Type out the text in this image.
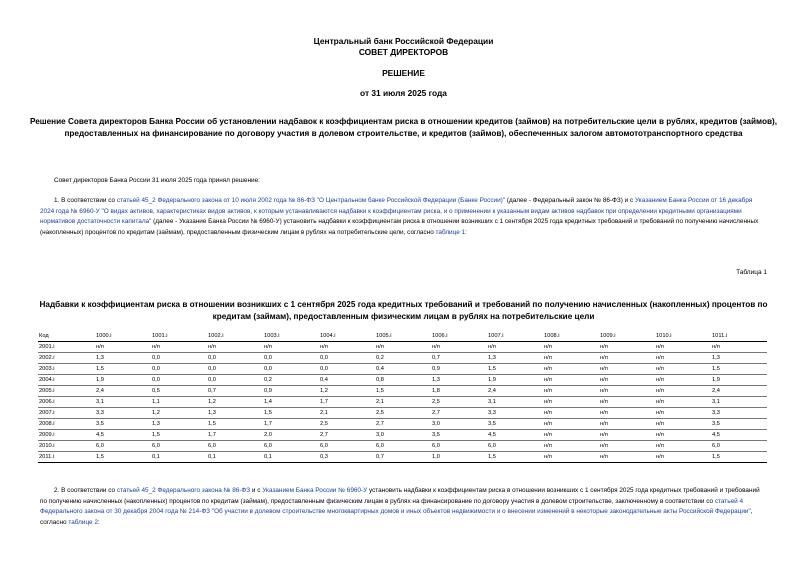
Центральный банк Российской Федерации
СОВЕТ ДИРЕКТОРОВ
РЕШЕНИЕ
от 31 июля 2025 года
Решение Совета директоров Банка России об установлении надбавок к коэффициентам риска в отношении кредитов (займов) на потребительские цели в рублях, кредитов (займов), предоставленных на финансирование по договору участия в долевом строительстве, и кредитов (займов), обеспеченных залогом автомототранспортного средства
Совет директоров Банка России 31 июля 2025 года принял решение:
1. В соответствии со статьей 45_2 Федерального закона от 10 июля 2002 года № 86-ФЗ "О Центральном банке Российской Федерации (Банке России)" (далее - Федеральный закон № 86-ФЗ) и с Указанием Банка России от 16 декабря 2024 года № 6960-У "О видах активов, характеристиках видов активов, к которым устанавливаются надбавки к коэффициентам риска, и о применении к указанным видам активов надбавок при определении кредитными организациями нормативов достаточности капитала" (далее - Указание Банка России № 6960-У) установить надбавки к коэффициентам риска в отношении возникших с 1 сентября 2025 года кредитных требований и требований по получению начисленных (накопленных) процентов по кредитам (займам), предоставленным физическим лицам в рублях на потребительские цели, согласно таблице 1:
Таблица 1
Надбавки к коэффициентам риска в отношении возникших с 1 сентября 2025 года кредитных требований и требований по получению начисленных (накопленных) процентов по кредитам (займам), предоставленным физическим лицам в рублях на потребительские цели
Код	1000.i	1001.i	1002.i	1003.i	1004.i	1005.i	1006.i	1007.i	1008.i	1009.i	1010.i	1011.i
2001.i	н/п	н/п	н/п	н/п	н/п	н/п	н/п	н/п	н/п	н/п	н/п	н/п
2002.i	1,3	0,0	0,0	0,0	0,0	0,2	0,7	1,3	н/п	н/п	н/п	1,3
2003.i	1,5	0,0	0,0	0,0	0,0	0,4	0,9	1,5	н/п	н/п	н/п	1,5
2004.i	1,9	0,0	0,0	0,2	0,4	0,8	1,3	1,9	н/п	н/п	н/п	1,9
2005.i	2,4	0,5	0,7	0,9	1,2	1,5	1,8	2,4	н/п	н/п	н/п	2,4
2006.i	3,1	1,1	1,2	1,4	1,7	2,1	2,5	3,1	н/п	н/п	н/п	3,1
2007.i	3,3	1,2	1,3	1,5	2,1	2,5	2,7	3,3	н/п	н/п	н/п	3,3
2008.i	3,5	1,3	1,5	1,7	2,5	2,7	3,0	3,5	н/п	н/п	н/п	3,5
2009.i	4,5	1,5	1,7	2,0	2,7	3,0	3,5	4,5	н/п	н/п	н/п	4,5
2010.i	6,0	6,0	6,0	6,0	6,0	6,0	6,0	6,0	н/п	н/п	н/п	6,0
2011.i	1,5	0,1	0,1	0,1	0,3	0,7	1,0	1,5	н/п	н/п	н/п	1,5
2. В соответствии со статьей 45_2 Федерального закона № 86-ФЗ и с Указанием Банка России № 6960-У установить надбавки к коэффициентам риска в отношении возникших с 1 сентября 2025 года кредитных требований и требований по получению начисленных (накопленных) процентов по кредитам (займам), предоставленным физическим лицам в рублях на финансирование по договору участия в долевом строительстве, заключенному в соответствии со статьей 4 Федерального закона от 30 декабря 2004 года № 214-ФЗ "Об участии в долевом строительстве многоквартирных домов и иных объектов недвижимости и о внесении изменений в некоторые законодательные акты Российской Федерации", согласно таблице 2:
